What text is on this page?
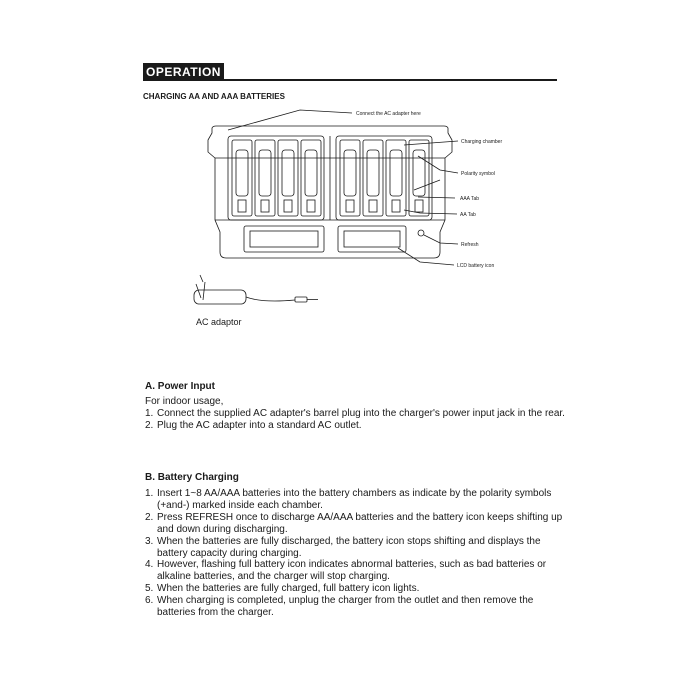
OPERATION
CHARGING AA AND AAA BATTERIES
Connect the AC adapter here
Charging chamber
Polarity symbol
AAA Tab
AA Tab
Refresh
LCD battery icon
AC adaptor
A. Power Input

For indoor usage,

1. Connect the supplied AC adapter's barrel plug into the charger's power input jack in the rear.
2. Plug the AC adapter into a standard AC outlet.
B. Battery Charging
1. Insert 1~8 AA/AAA batteries into the battery chambers as indicate by the polarity symbols (+and-) marked inside each chamber.
2. Press REFRESH once to discharge AA/AAA batteries and the battery icon keeps shifting up and down during discharging.
3. When the batteries are fully discharged, the battery icon stops shifting and displays the battery capacity during charging.
4. However, flashing full battery icon indicates abnormal batteries, such as bad batteries or alkaline batteries, and the charger will stop charging.
5. When the batteries are fully charged, full battery icon lights.
6. When charging is completed, unplug the charger from the outlet and then remove the batteries from the charger.
